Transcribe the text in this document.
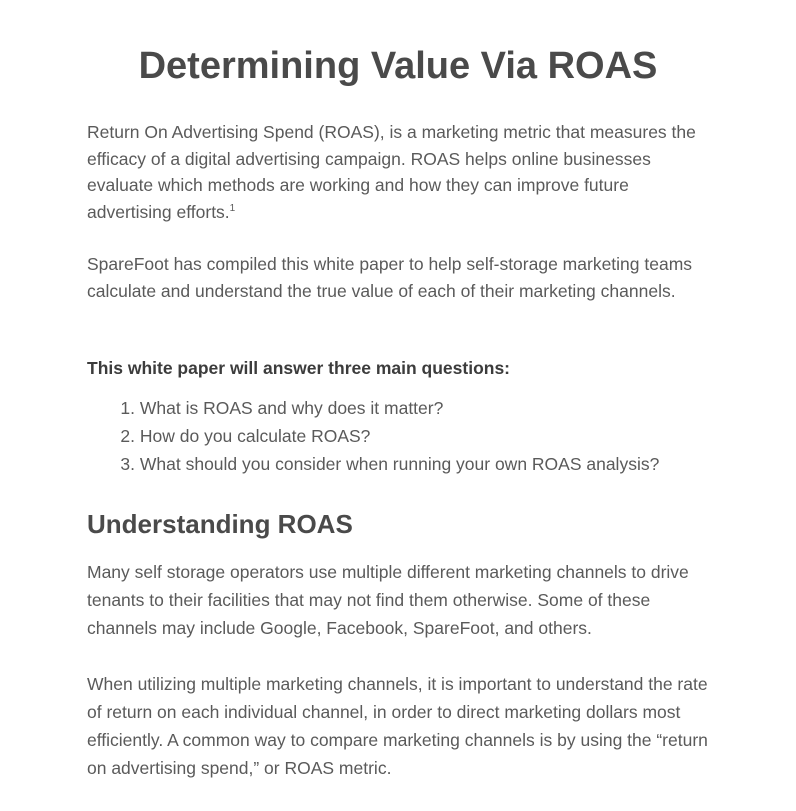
Determining Value Via ROAS

Return On Advertising Spend (ROAS), is a marketing metric that measures the efficacy of a digital advertising campaign. ROAS helps online businesses evaluate which methods are working and how they can improve future advertising efforts.$^1$

SpareFoot has compiled this white paper to help self-storage marketing teams calculate and understand the true value of each of their marketing channels.

This white paper will answer three main questions:

1. What is ROAS and why does it matter?
2. How do you calculate ROAS?
3. What should you consider when running your own ROAS analysis?
Understanding ROAS

Many self storage operators use multiple different marketing channels to drive tenants to their facilities that may not find them otherwise. Some of these channels may include Google, Facebook, SpareFoot, and others.

When utilizing multiple marketing channels, it is important to understand the rate of return on each individual channel, in order to direct marketing dollars most efficiently. A common way to compare marketing channels is by using the “return on advertising spend,” or ROAS metric.
